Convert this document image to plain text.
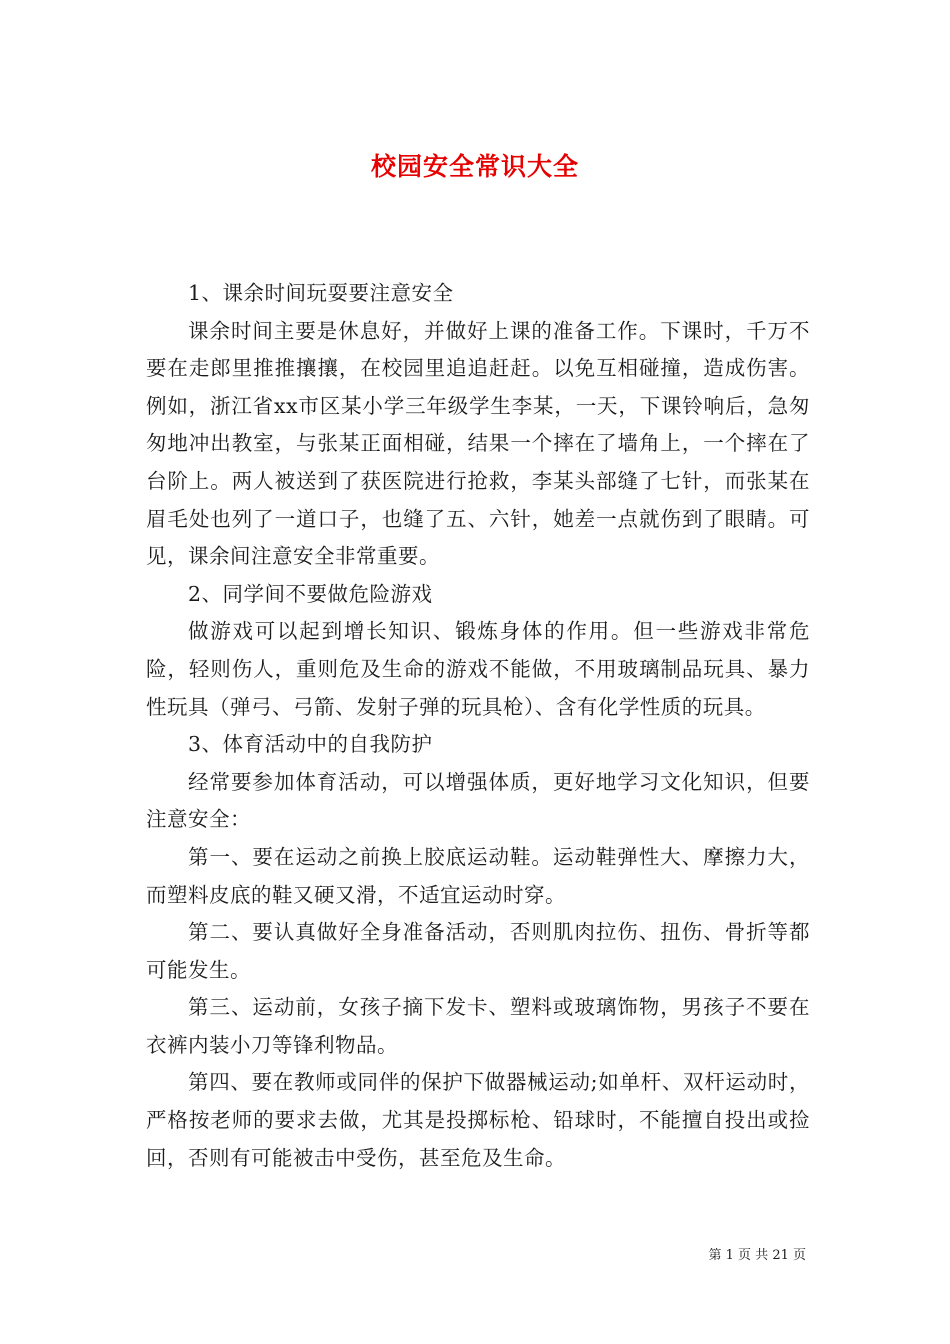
校园安全常识大全

1、课余时间玩耍要注意安全

课余时间主要是休息好，并做好上课的准备工作。下课时，千万不要在走郎里推推攘攘，在校园里追追赶赶。以免互相碰撞，造成伤害。例如，浙江省xx市区某小学三年级学生李某，一天，下课铃响后，急匆匆地冲出教室，与张某正面相碰，结果一个摔在了墙角上，一个摔在了台阶上。两人被送到了获医院进行抢救，李某头部缝了七针，而张某在眉毛处也列了一道口子，也缝了五、六针，她差一点就伤到了眼睛。可见，课余间注意安全非常重要。

2、同学间不要做危险游戏

做游戏可以起到增长知识、锻炼身体的作用。但一些游戏非常危险，轻则伤人，重则危及生命的游戏不能做，不用玻璃制品玩具、暴力性玩具（弹弓、弓箭、发射子弹的玩具枪）、含有化学性质的玩具。

3、体育活动中的自我防护

经常要参加体育活动，可以增强体质，更好地学习文化知识，但要注意安全：

第一、要在运动之前换上胶底运动鞋。运动鞋弹性大、摩擦力大，而塑料皮底的鞋又硬又滑，不适宜运动时穿。

第二、要认真做好全身准备活动，否则肌肉拉伤、扭伤、骨折等都可能发生。

第三、运动前，女孩子摘下发卡、塑料或玻璃饰物，男孩子不要在衣裤内装小刀等锋利物品。

第四、要在教师或同伴的保护下做器械运动;如单杆、双杆运动时，严格按老师的要求去做，尤其是投掷标枪、铅球时，不能擅自投出或捡回，否则有可能被击中受伤，甚至危及生命。

第 1 页 共 21 页
